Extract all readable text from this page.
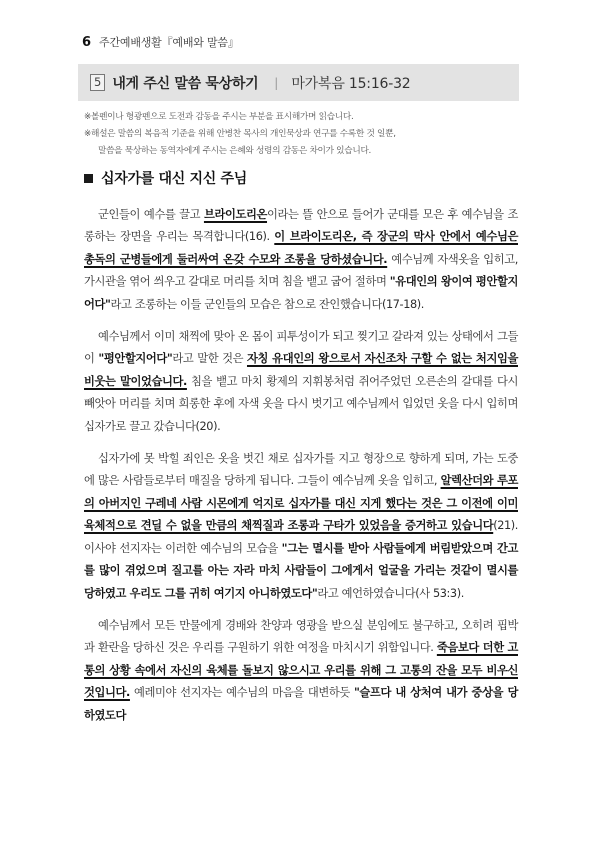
6 주간예배생활『예배와 말씀』
5 내게 주신 말씀 묵상하기 | 마가복음 15:16-32

※볼펜이나 형광펜으로 도전과 감동을 주시는 부분을 표시해가며 읽습니다.

※해설은 말씀의 복음적 기준을 위해 안병찬 목사의 개인묵상과 연구를 수록한 것 일뿐,

말씀을 묵상하는 동역자에게 주시는 은혜와 성령의 감동은 차이가 있습니다.

십자가를 대신 지신 주님

군인들이 예수를 끌고 브라이도리온이라는 뜰 안으로 들어가 군대를 모은 후 예수님을 조롱하는 장면을 우리는 목격합니다(16). 이 브라이도리온, 즉 장군의 막사 안에서 예수님은 총독의 군병들에게 둘러싸여 온갖 수모와 조롱을 당하셨습니다. 예수님께 자색옷을 입히고, 가시관을 엮어 씌우고 갈대로 머리를 치며 침을 뱉고 굽어 절하며 "유대인의 왕이여 평안할지어다"라고 조롱하는 이들 군인들의 모습은 참으로 잔인했습니다(17-18).

예수님께서 이미 채찍에 맞아 온 몸이 피투성이가 되고 찢기고 갈라져 있는 상태에서 그들이 "평안할지어다"라고 말한 것은 자칭 유대인의 왕으로서 자신조차 구할 수 없는 처지임을 비웃는 말이었습니다. 침을 뱉고 마치 황제의 지휘봉처럼 쥐어주었던 오른손의 갈대를 다시 빼앗아 머리를 치며 희롱한 후에 자색 옷을 다시 벗기고 예수님께서 입었던 옷을 다시 입히며 십자가로 끌고 갔습니다(20).

십자가에 못 박힐 죄인은 옷을 벗긴 채로 십자가를 지고 형장으로 향하게 되며, 가는 도중에 많은 사람들로부터 매질을 당하게 됩니다. 그들이 예수님께 옷을 입히고, 알렉산더와 루포의 아버지인 구레네 사람 시몬에게 억지로 십자가를 대신 지게 했다는 것은 그 이전에 이미 육체적으로 견딜 수 없을 만큼의 채찍질과 조롱과 구타가 있었음을 증거하고 있습니다(21). 이사야 선지자는 이러한 예수님의 모습을 "그는 멸시를 받아 사람들에게 버림받았으며 간고를 많이 겪었으며 질고를 아는 자라 마치 사람들이 그에게서 얼굴을 가리는 것같이 멸시를 당하였고 우리도 그를 귀히 여기지 아니하였도다"라고 예언하였습니다(사 53:3).

예수님께서 모든 만물에게 경배와 찬양과 영광을 받으실 분임에도 불구하고, 오히려 핍박과 환란을 당하신 것은 우리를 구원하기 위한 여정을 마치시기 위함입니다. 죽음보다 더한 고통의 상황 속에서 자신의 육체를 돌보지 않으시고 우리를 위해 그 고통의 잔을 모두 비우신 것입니다. 예레미야 선지자는 예수님의 마음을 대변하듯 "슬프다 내 상처여 내가 중상을 당하였도다
